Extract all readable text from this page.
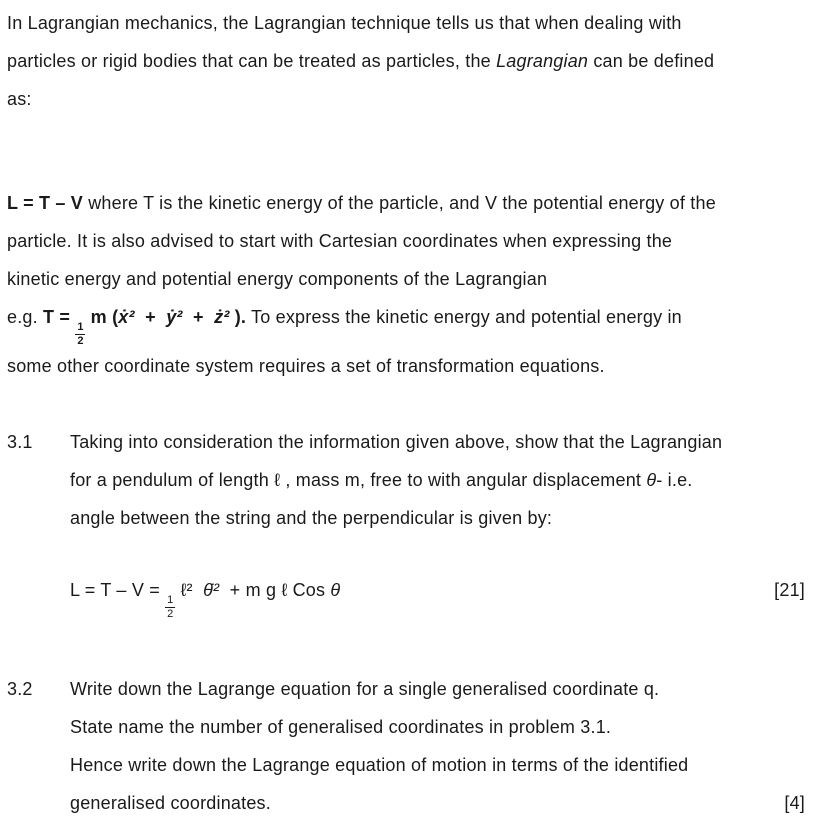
In Lagrangian mechanics, the Lagrangian technique tells us that when dealing with
particles or rigid bodies that can be treated as particles, the Lagrangian can be defined
as:
L = T – V where T is the kinetic energy of the particle, and V the potential energy of the
particle. It is also advised to start with Cartesian coordinates when expressing the
kinetic energy and potential energy components of the Lagrangian
e.g. T =
$\frac{1}{2}$
m (ẋ²  +  ẏ²  +  ż² ). To express the kinetic energy and potential energy in
some other coordinate system requires a set of transformation equations.
3.1	Taking into consideration the information given above, show that the Lagrangian
for a pendulum of length ℓ , mass m, free to with angular displacement θ- i.e.
angle between the string and the perpendicular is given by:
L = T – V =
$\frac{1}{2}$
ℓ²  θ̇²  + m g ℓ Cos θ	[21]
3.2	Write down the Lagrange equation for a single generalised coordinate q.
State name the number of generalised coordinates in problem 3.1.
Hence write down the Lagrange equation of motion in terms of the identified
generalised coordinates.	[4]
